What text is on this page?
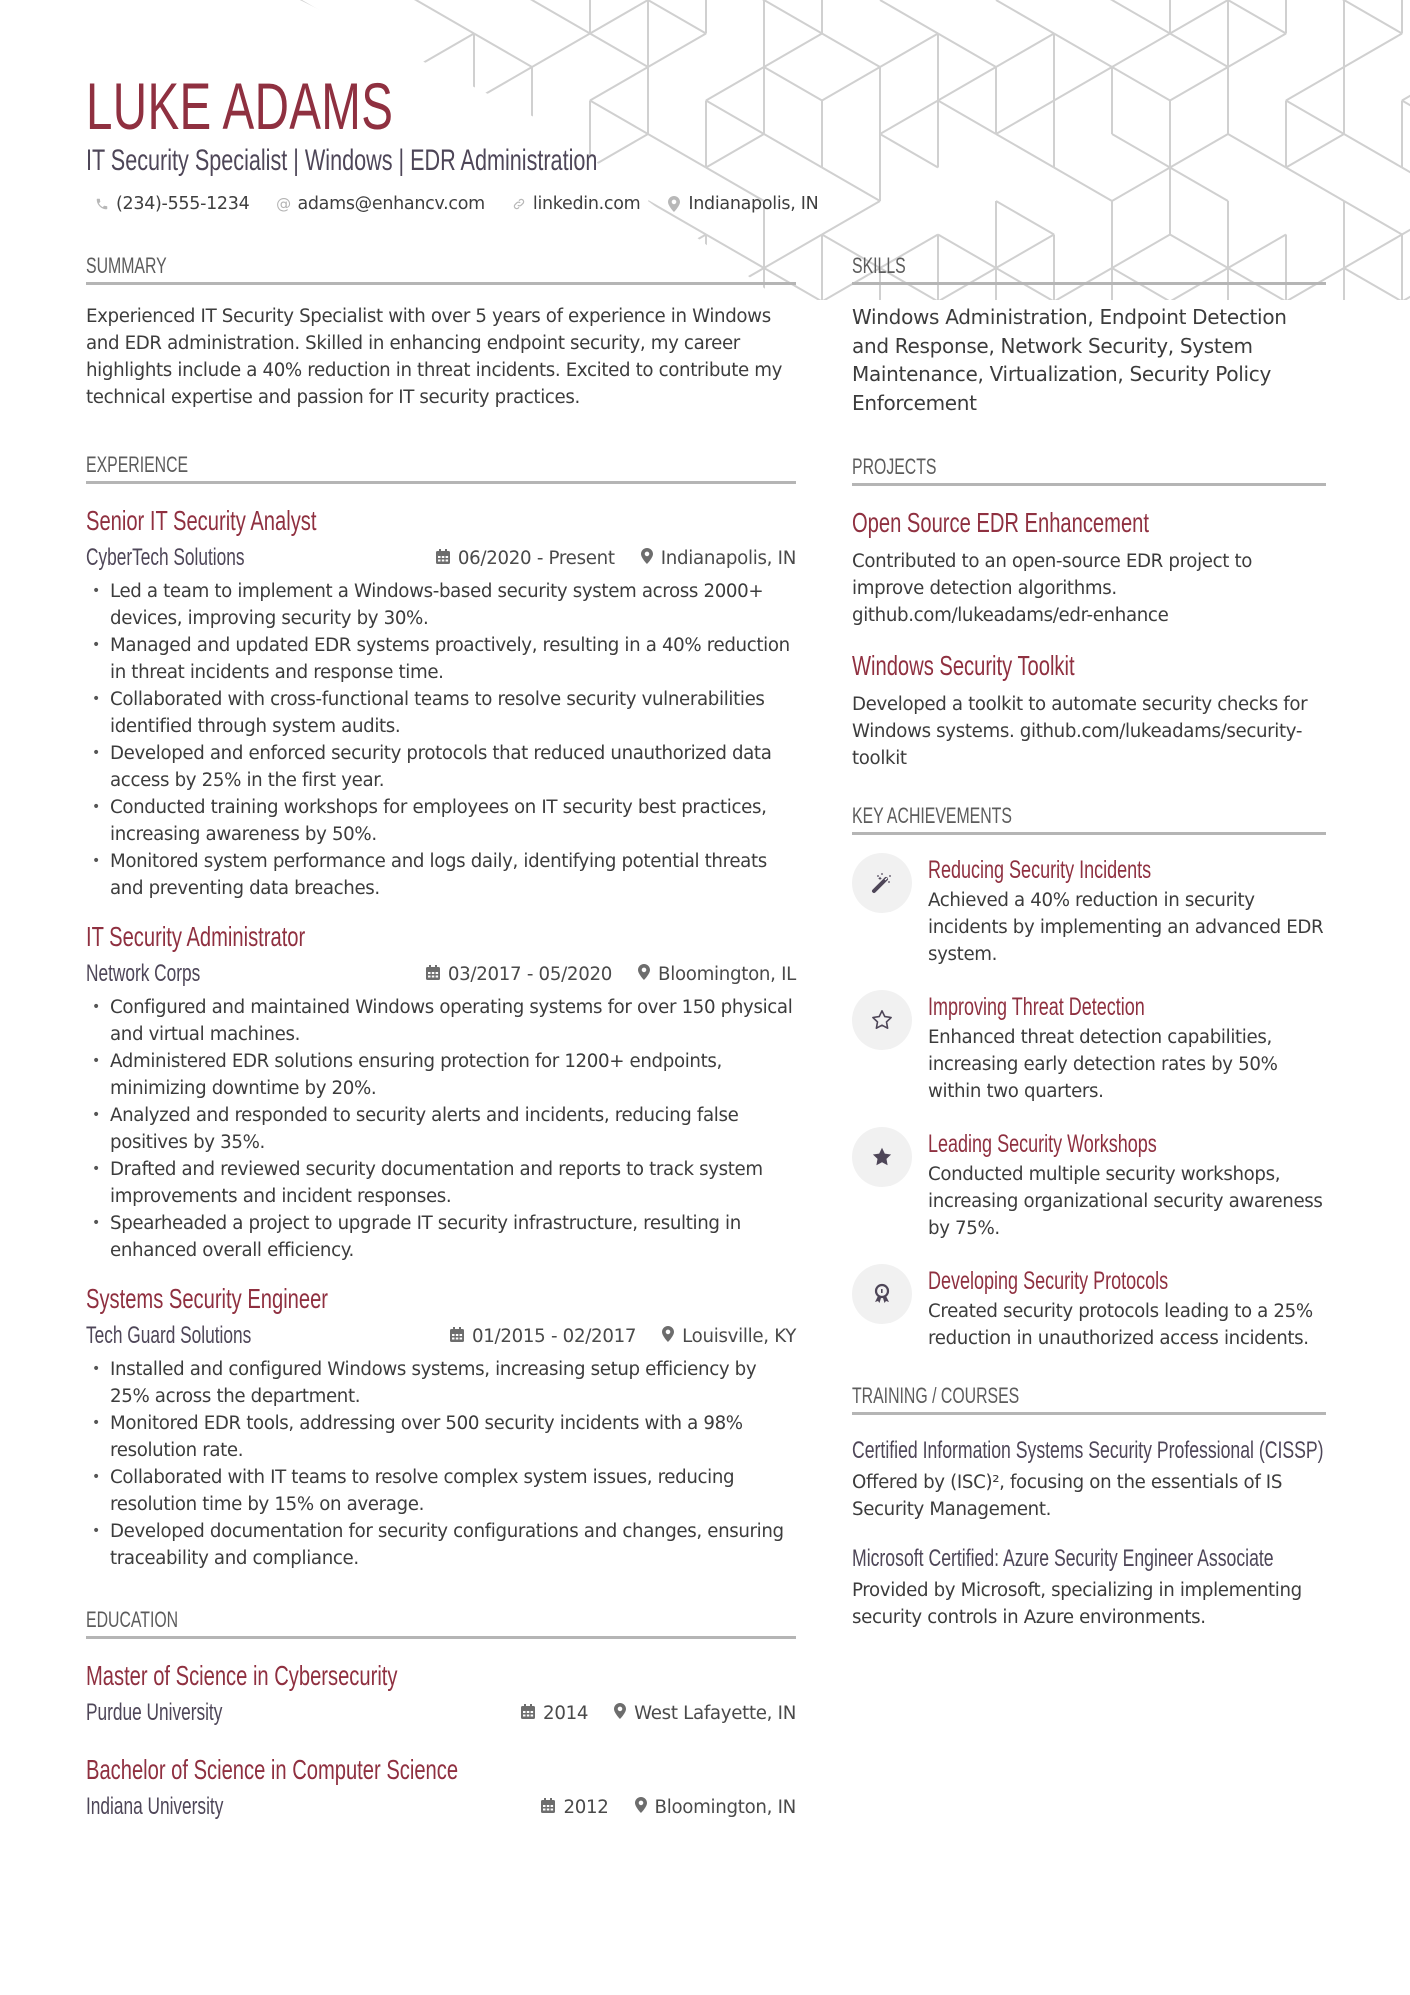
LUKE ADAMS
IT Security Specialist | Windows | EDR Administration
(234)-555-1234 @ adams@enhancv.com	linkedin.com	Indianapolis, IN
SUMMARY

Experienced IT Security Specialist with over 5 years of experience in Windows and EDR administration. Skilled in enhancing endpoint security, my career highlights include a 40% reduction in threat incidents. Excited to contribute my technical expertise and passion for IT security practices.

EXPERIENCE
Senior IT Security Analyst
CyberTech Solutions	06/2020 - Present	Indianapolis, IN
• Led a team to implement a Windows-based security system across 2000+ devices, improving security by 30%.
• Managed and updated EDR systems proactively, resulting in a 40% reduction in threat incidents and response time.
• Collaborated with cross-functional teams to resolve security vulnerabilities identified through system audits.
• Developed and enforced security protocols that reduced unauthorized data access by 25% in the first year.
• Conducted training workshops for employees on IT security best practices, increasing awareness by 50%.
• Monitored system performance and logs daily, identifying potential threats and preventing data breaches.
IT Security Administrator
Network Corps	03/2017 - 05/2020	Bloomington, IL
• Configured and maintained Windows operating systems for over 150 physical and virtual machines.
• Administered EDR solutions ensuring protection for 1200+ endpoints, minimizing downtime by 20%.
• Analyzed and responded to security alerts and incidents, reducing false positives by 35%.
• Drafted and reviewed security documentation and reports to track system improvements and incident responses.
• Spearheaded a project to upgrade IT security infrastructure, resulting in enhanced overall efficiency.
Systems Security Engineer
Tech Guard Solutions	01/2015 - 02/2017	Louisville, KY
• Installed and configured Windows systems, increasing setup efficiency by 25% across the department.
• Monitored EDR tools, addressing over 500 security incidents with a 98% resolution rate.
• Collaborated with IT teams to resolve complex system issues, reducing resolution time by 15% on average.
• Developed documentation for security configurations and changes, ensuring traceability and compliance.
EDUCATION
Master of Science in Cybersecurity
Purdue University	2014	West Lafayette, IN
Bachelor of Science in Computer Science
Indiana University	2012	Bloomington, IN
SKILLS

Windows Administration, Endpoint Detection and Response, Network Security, System Maintenance, Virtualization, Security Policy Enforcement

PROJECTS
Open Source EDR Enhancement

Contributed to an open-source EDR project to improve detection algorithms. github.com/lukeadams/edr-enhance

Windows Security Toolkit

Developed a toolkit to automate security checks for Windows systems. github.com/lukeadams/security-toolkit

KEY ACHIEVEMENTS
Reducing Security Incidents

Achieved a 40% reduction in security incidents by implementing an advanced EDR system.

Improving Threat Detection

Enhanced threat detection capabilities, increasing early detection rates by 50% within two quarters.

Leading Security Workshops

Conducted multiple security workshops, increasing organizational security awareness by 75%.

Developing Security Protocols

Created security protocols leading to a 25% reduction in unauthorized access incidents.

TRAINING / COURSES
Certified Information Systems Security Professional (CISSP)

Offered by (ISC)², focusing on the essentials of IS Security Management.

Microsoft Certified: Azure Security Engineer Associate

Provided by Microsoft, specializing in implementing security controls in Azure environments.
